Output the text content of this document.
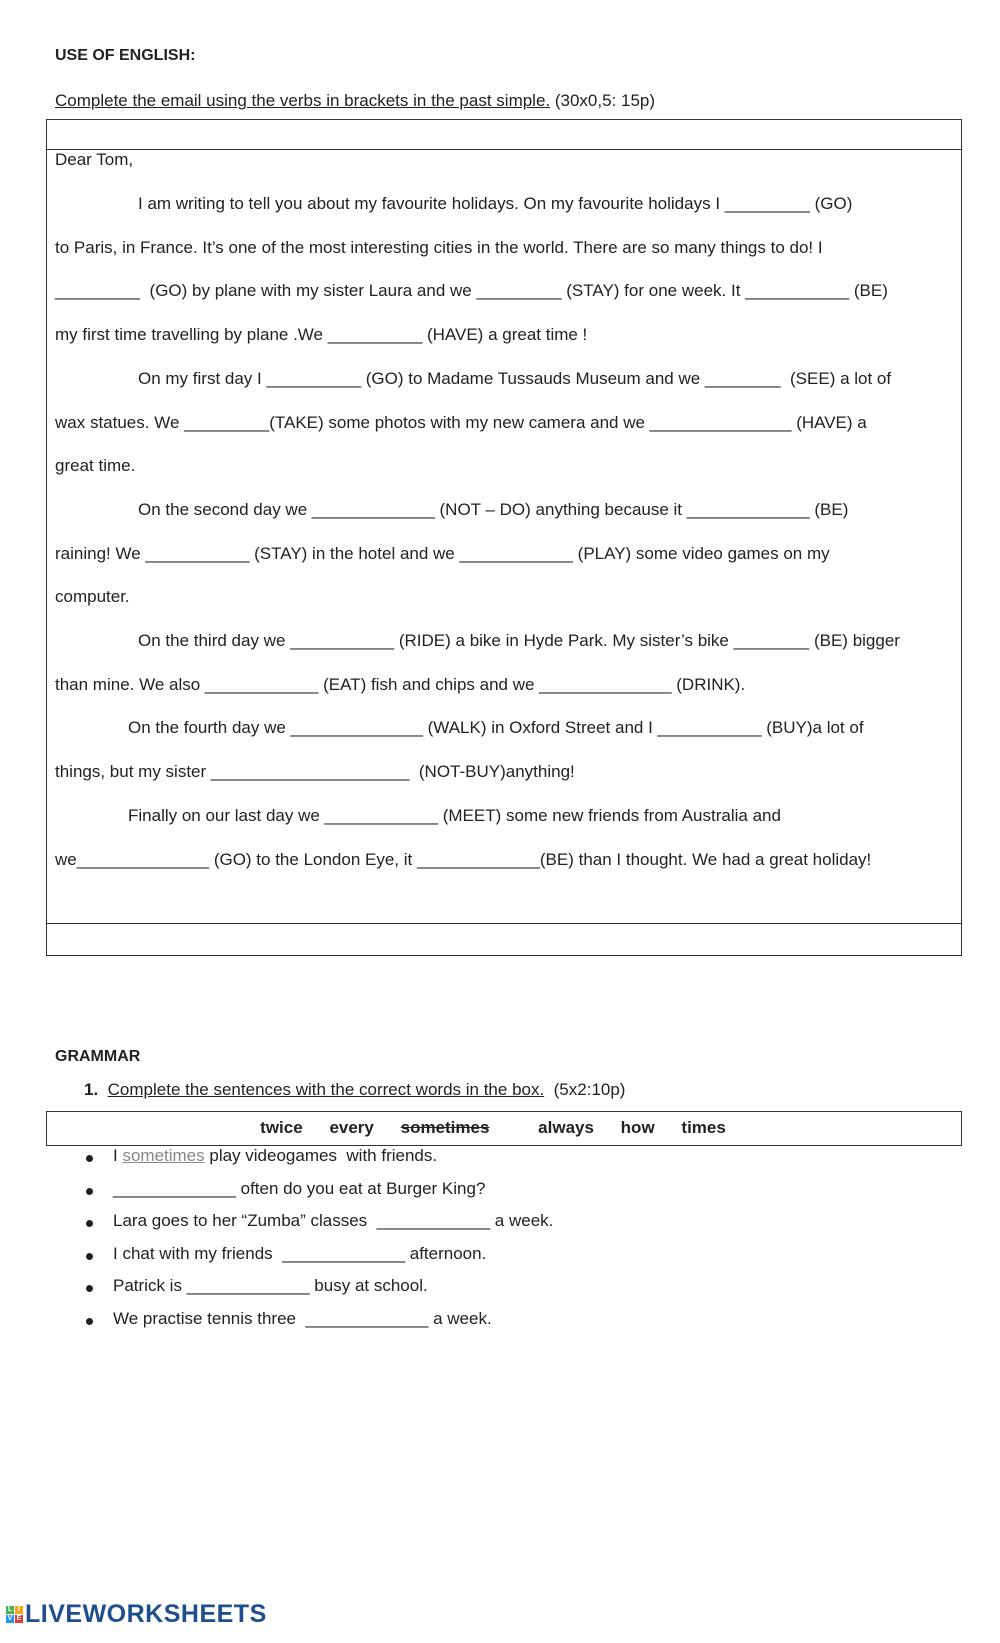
USE OF ENGLISH:
Complete the email using the verbs in brackets in the past simple. (30x0,5: 15p)
Dear Tom,
I am writing to tell you about my favourite holidays. On my favourite holidays I _________ (GO)
to Paris, in France. It’s one of the most interesting cities in the world. There are so many things to do! I
_________  (GO) by plane with my sister Laura and we _________ (STAY) for one week. It ___________ (BE)
my first time travelling by plane .We __________ (HAVE) a great time !
On my first day I __________ (GO) to Madame Tussauds Museum and we ________  (SEE) a lot of
wax statues. We _________(TAKE) some photos with my new camera and we _______________ (HAVE) a
great time.
On the second day we _____________ (NOT – DO) anything because it _____________ (BE)
raining! We ___________ (STAY) in the hotel and we ____________ (PLAY) some video games on my
computer.
On the third day we ___________ (RIDE) a bike in Hyde Park. My sister’s bike ________ (BE) bigger
than mine. We also ____________ (EAT) fish and chips and we ______________ (DRINK).
On the fourth day we ______________ (WALK) in Oxford Street and I ___________ (BUY)a lot of
things, but my sister _____________________  (NOT-BUY)anything!
Finally on our last day we ____________ (MEET) some new friends from Australia and
we______________ (GO) to the London Eye, it _____________(BE) than I thought. We had a great holiday!
GRAMMAR
1. Complete the sentences with the correct words in the box.  (5x2:10p)
twice every sometimes	always how times
I sometimes play videogames  with friends.
_____________ often do you eat at Burger King?
Lara goes to her “Zumba” classes  ____________ a week.
I chat with my friends  _____________ afternoon.
Patrick is _____________ busy at school.
We practise tennis three  _____________ a week.
L I
V E LIVEWORKSHEETS
